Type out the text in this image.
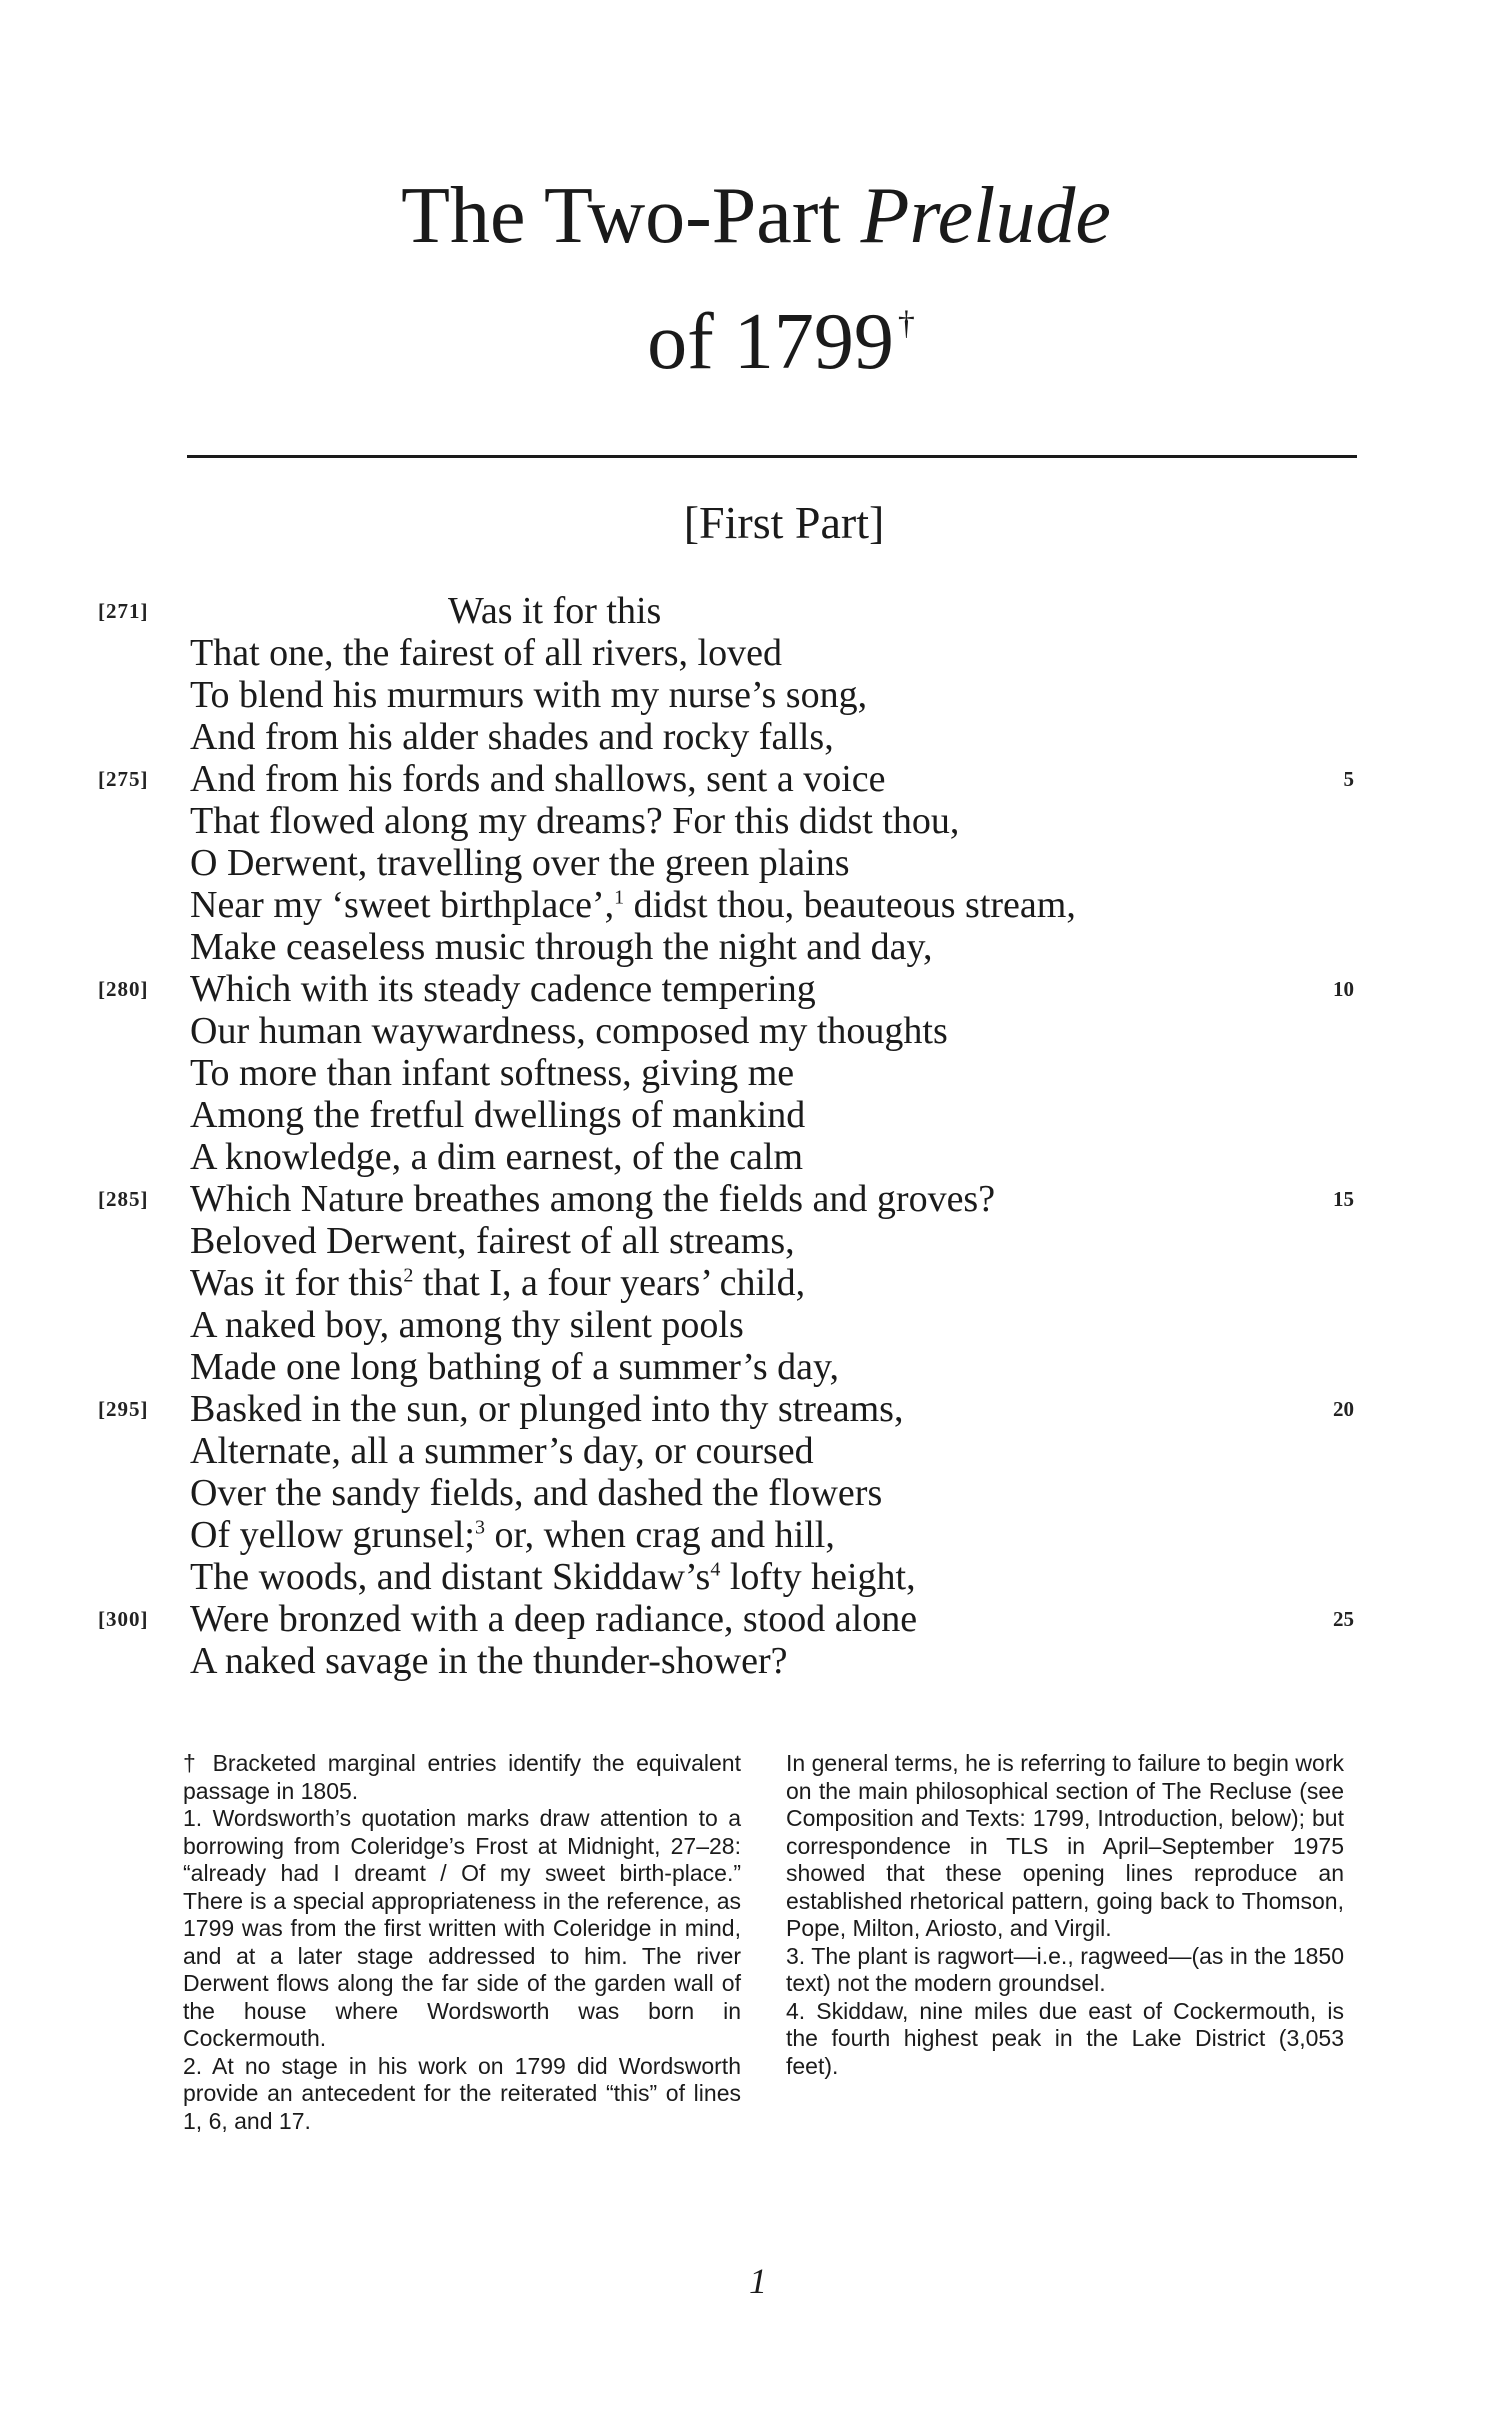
The Two-Part Prelude
of 1799 †
[First Part]
Was it for this
[271]
That one, the fairest of all rivers, loved
To blend his murmurs with my nurse’s song,
And from his alder shades and rocky falls,
And from his fords and shallows, sent a voice
[275]	5
That flowed along my dreams? For this didst thou,
O Derwent, travelling over the green plains
Near my ‘sweet birthplace’,$^1$ didst thou, beauteous stream,
Make ceaseless music through the night and day,
Which with its steady cadence tempering
[280]	10
Our human waywardness, composed my thoughts
To more than infant softness, giving me
Among the fretful dwellings of mankind
A knowledge, a dim earnest, of the calm
Which Nature breathes among the fields and groves?
[285]	15
Beloved Derwent, fairest of all streams,
Was it for this$^2$ that I, a four years’ child,
A naked boy, among thy silent pools
Made one long bathing of a summer’s day,
Basked in the sun, or plunged into thy streams,
[295]	20
Alternate, all a summer’s day, or coursed
Over the sandy fields, and dashed the flowers
Of yellow grunsel;$^3$ or, when crag and hill,
The woods, and distant $Skiddaw’s^4$ lofty height,
Were bronzed with a deep radiance, stood alone
[300]	25
A naked savage in the thunder-shower?

† Bracketed marginal entries identify the equivalent passage in 1805.

1. Wordsworth’s quotation marks draw attention to a borrowing from Coleridge’s Frost at Midnight, 27–28: “already had I dreamt / Of my sweet birth-place.” There is a special appropriateness in the reference, as 1799 was from the first written with Coleridge in mind, and at a later stage addressed to him. The river Derwent flows along the far side of the garden wall of the house where Wordsworth was born in Cockermouth.

2. At no stage in his work on 1799 did Wordsworth provide an antecedent for the reiterated “this” of lines 1, 6, and 17.

In general terms, he is referring to failure to begin work on the main philosophical section of The Recluse (see Composition and Texts: 1799, Introduction, below); but correspondence in TLS in April–September 1975 showed that these opening lines reproduce an established rhetorical pattern, going back to Thomson, Pope, Milton, Ariosto, and Virgil.

3. The plant is ragwort—i.e., ragweed—(as in the 1850 text) not the modern groundsel.

4. Skiddaw, nine miles due east of Cockermouth, is the fourth highest peak in the Lake District (3,053 feet).

1
